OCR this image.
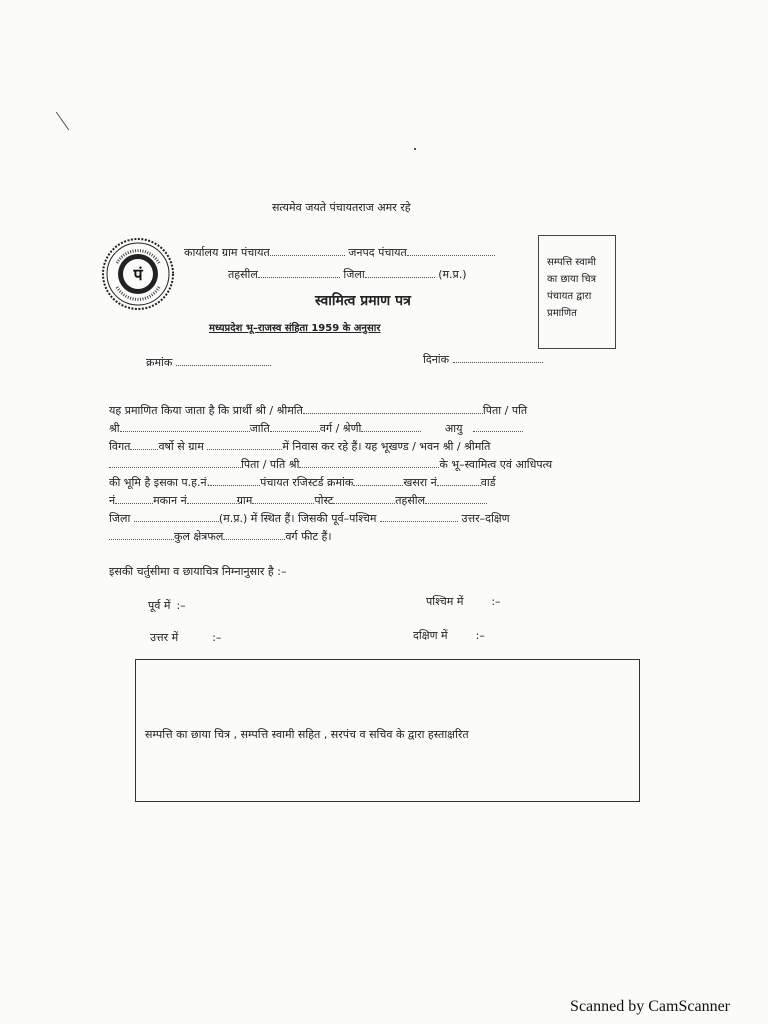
सत्यमेव जयते पंचायतराज अमर रहे
पं
कार्यालय ग्राम पंचायत	जनपद पंचायत
तहसील	जिला	(म.प्र.)
सम्पत्ति स्वामी का छाया चित्र पंचायत द्वारा प्रमाणित
स्वामित्व प्रमाण पत्र
मध्यप्रदेश भू–राजस्व संहिता 1959 के अनुसार
क्रमांक	दिनांक
यह प्रमाणित किया जाता है कि प्रार्थी श्री / श्रीमति	पिता / पति
श्री	जाति	वर्ग / श्रेणी	आयु
विगत	वर्षो से ग्राम	में निवास कर रहे हैं। यह भूखण्ड / भवन श्री / श्रीमति
पिता / पति श्री	के भू–स्वामित्व एवं आधिपत्य
की भूमि है इसका प.ह.नं.	पंचायत रजिस्टर्ड क्रमांक	खसरा नं	वार्ड
नं	मकान नं	ग्राम	पोस्ट	तहसील
जिला	(म.प्र.) में स्थित हैं। जिसकी पूर्व–पश्चिम	उत्तर–दक्षिण
कुल क्षेत्रफल	वर्ग फीट हैं।
इसकी चर्तुसीमा व छायाचित्र निम्नानुसार है :–
पूर्व में :–	पश्चिम में	:–
उत्तर में	:–	दक्षिण में	:–
सम्पत्ति का छाया चित्र , सम्पत्ति स्वामी सहित , सरपंच व सचिव के द्वारा हस्ताक्षरित
Scanned by CamScanner
